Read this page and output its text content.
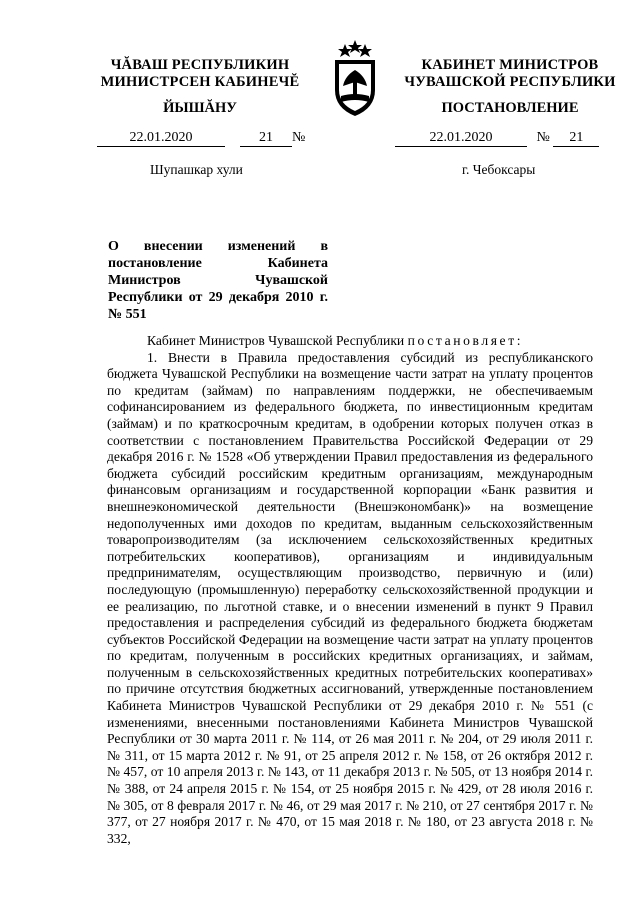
ЧĂВАШ РЕСПУБЛИКИН
МИНИСТРСЕН КАБИНЕЧĔ
КАБИНЕТ МИНИСТРОВ
ЧУВАШСКОЙ РЕСПУБЛИКИ
ЙЫШĂНУ	ПОСТАНОВЛЕНИЕ
22.01.2020	21 №	22.01.2020	№ 21
Шупашкар хули	г. Чебоксары
О внесении изменений в постановление Кабинета Министров Чувашской Республики от 29 декабря 2010 г. № 551

Кабинет Министров Чувашской Республики постановляет:

1. Внести в Правила предоставления субсидий из республиканского бюджета Чувашской Республики на возмещение части затрат на уплату процентов по кредитам (займам) по направлениям поддержки, не обеспечиваемым софинансированием из федерального бюджета, по инвестиционным кредитам (займам) и по краткосрочным кредитам, в одобрении которых получен отказ в соответствии с постановлением Правительства Российской Федерации от 29 декабря 2016 г. № 1528 «Об утверждении Правил предоставления из федерального бюджета субсидий российским кредитным организациям, международным финансовым организациям и государственной корпорации «Банк развития и внешнеэкономической деятельности (Внешэкономбанк)» на возмещение недополученных ими доходов по кредитам, выданным сельскохозяйственным товаропроизводителям (за исключением сельскохозяйственных кредитных потребительских кооперативов), организациям и индивидуальным предпринимателям, осуществляющим производство, первичную и (или) последующую (промышленную) переработку сельскохозяйственной продукции и ее реализацию, по льготной ставке, и о внесении изменений в пункт 9 Правил предоставления и распределения субсидий из федерального бюджета бюджетам субъектов Российской Федерации на возмещение части затрат на уплату процентов по кредитам, полученным в российских кредитных организациях, и займам, полученным в сельскохозяйственных кредитных потребительских кооперативах» по причине отсутствия бюджетных ассигнований, утвержденные постановлением Кабинета Министров Чувашской Республики от 29 декабря 2010 г. № 551 (с изменениями, внесенными постановлениями Кабинета Министров Чувашской Республики от 30 марта 2011 г. № 114, от 26 мая 2011 г. № 204, от 29 июля 2011 г. № 311, от 15 марта 2012 г. № 91, от 25 апреля 2012 г. № 158, от 26 октября 2012 г. № 457, от 10 апреля 2013 г. № 143, от 11 декабря 2013 г. № 505, от 13 ноября 2014 г. № 388, от 24 апреля 2015 г. № 154, от 25 ноября 2015 г. № 429, от 28 июля 2016 г. № 305, от 8 февраля 2017 г. № 46, от 29 мая 2017 г. № 210, от 27 сентября 2017 г. № 377, от 27 ноября 2017 г. № 470, от 15 мая 2018 г. № 180, от 23 августа 2018 г. № 332,
